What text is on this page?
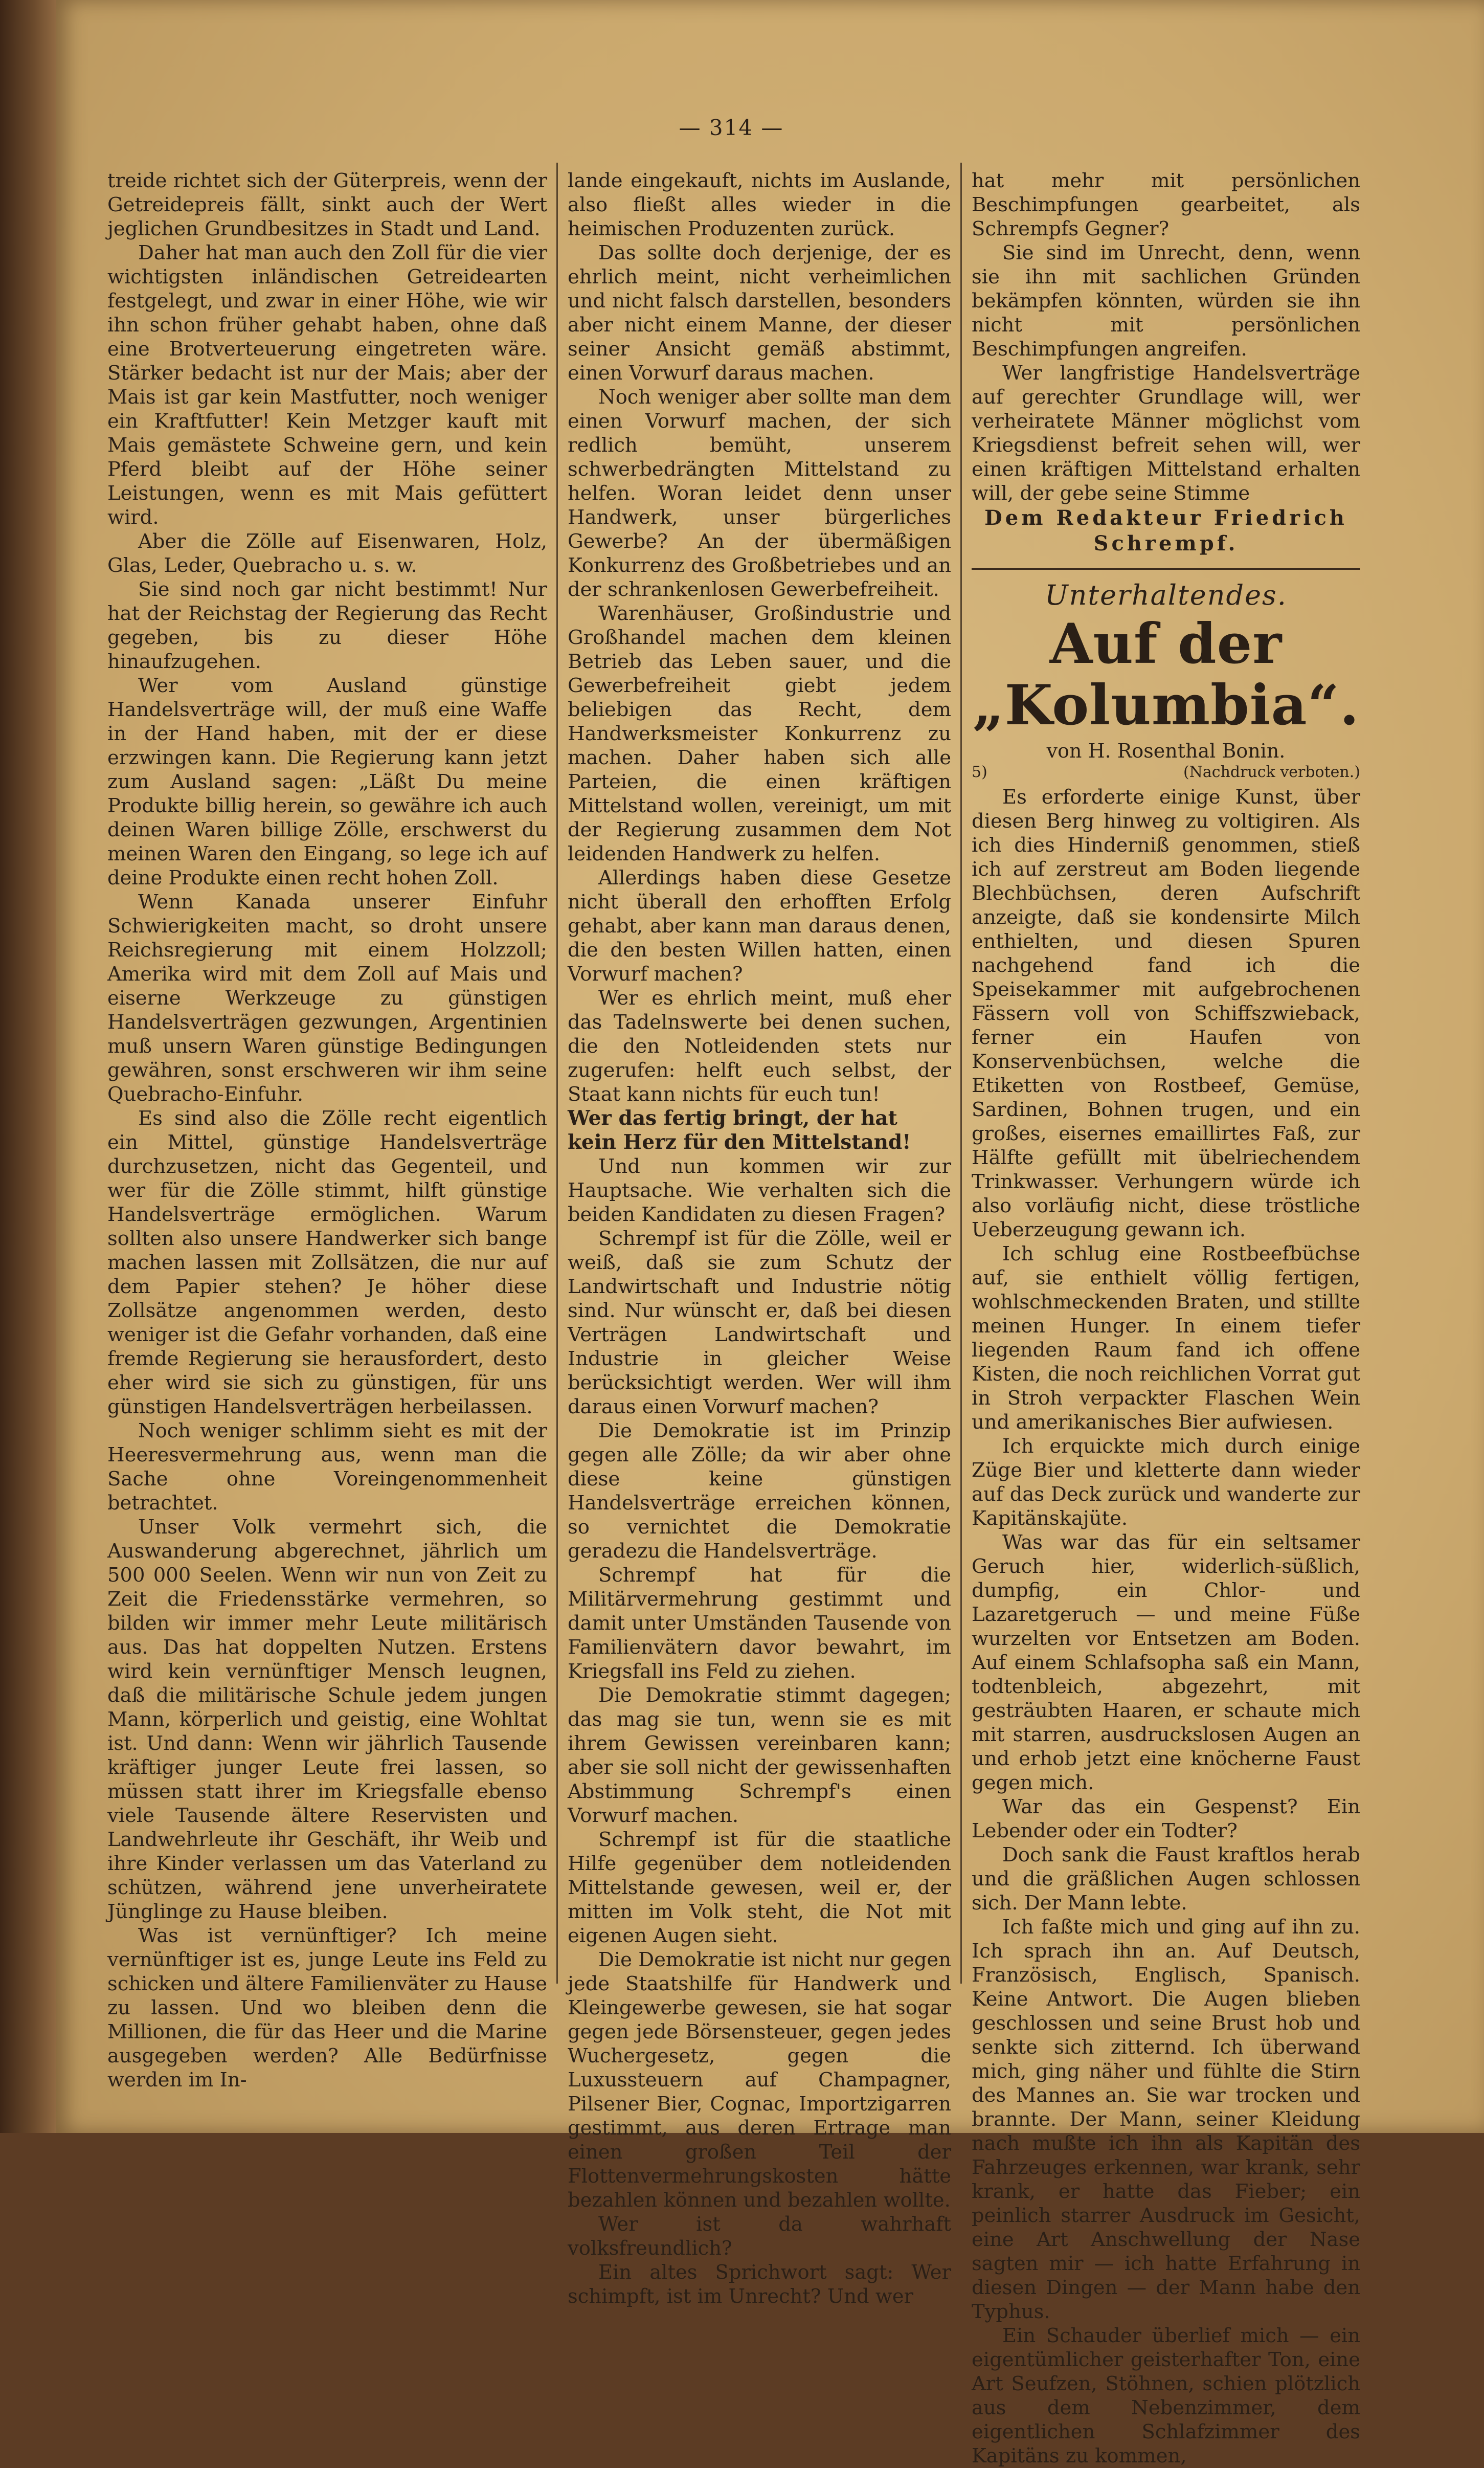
— 314 —

treide richtet sich der Güterpreis, wenn der Getreidepreis fällt, sinkt auch der Wert jeglichen Grundbesitzes in Stadt und Land.

Daher hat man auch den Zoll für die vier wichtigsten inländischen Getreidearten festgelegt, und zwar in einer Höhe, wie wir ihn schon früher gehabt haben, ohne daß eine Brotverteuerung eingetreten wäre. Stärker bedacht ist nur der Mais; aber der Mais ist gar kein Mastfutter, noch weniger ein Kraftfutter! Kein Metzger kauft mit Mais gemästete Schweine gern, und kein Pferd bleibt auf der Höhe seiner Leistungen, wenn es mit Mais gefüttert wird.

Aber die Zölle auf Eisenwaren, Holz, Glas, Leder, Quebracho u. s. w.

Sie sind noch gar nicht bestimmt! Nur hat der Reichstag der Regierung das Recht gegeben, bis zu dieser Höhe hinaufzugehen.

Wer vom Ausland günstige Handelsverträge will, der muß eine Waffe in der Hand haben, mit der er diese erzwingen kann. Die Regierung kann jetzt zum Ausland sagen: „Läßt Du meine Produkte billig herein, so gewähre ich auch deinen Waren billige Zölle, erschwerst du meinen Waren den Eingang, so lege ich auf deine Produkte einen recht hohen Zoll.

Wenn Kanada unserer Einfuhr Schwierigkeiten macht, so droht unsere Reichsregierung mit einem Holzzoll; Amerika wird mit dem Zoll auf Mais und eiserne Werkzeuge zu günstigen Handelsverträgen gezwungen, Argentinien muß unsern Waren günstige Bedingungen gewähren, sonst erschweren wir ihm seine Quebracho-Einfuhr.

Es sind also die Zölle recht eigentlich ein Mittel, günstige Handelsverträge durchzusetzen, nicht das Gegenteil, und wer für die Zölle stimmt, hilft günstige Handelsverträge ermöglichen. Warum sollten also unsere Handwerker sich bange machen lassen mit Zollsätzen, die nur auf dem Papier stehen? Je höher diese Zollsätze angenommen werden, desto weniger ist die Gefahr vorhanden, daß eine fremde Regierung sie herausfordert, desto eher wird sie sich zu günstigen, für uns günstigen Handelsverträgen herbeilassen.

Noch weniger schlimm sieht es mit der Heeresvermehrung aus, wenn man die Sache ohne Voreingenommenheit betrachtet.

Unser Volk vermehrt sich, die Auswanderung abgerechnet, jährlich um 500 000 Seelen. Wenn wir nun von Zeit zu Zeit die Friedensstärke vermehren, so bilden wir immer mehr Leute militärisch aus. Das hat doppelten Nutzen. Erstens wird kein vernünftiger Mensch leugnen, daß die militärische Schule jedem jungen Mann, körperlich und geistig, eine Wohltat ist. Und dann: Wenn wir jährlich Tausende kräftiger junger Leute frei lassen, so müssen statt ihrer im Kriegsfalle ebenso viele Tausende ältere Reservisten und Landwehrleute ihr Geschäft, ihr Weib und ihre Kinder verlassen um das Vaterland zu schützen, während jene unverheiratete Jünglinge zu Hause bleiben.

Was ist vernünftiger? Ich meine vernünftiger ist es, junge Leute ins Feld zu schicken und ältere Familienväter zu Hause zu lassen. Und wo bleiben denn die Millionen, die für das Heer und die Marine ausgegeben werden? Alle Bedürfnisse werden im In-

lande eingekauft, nichts im Auslande, also fließt alles wieder in die heimischen Produzenten zurück.

Das sollte doch derjenige, der es ehrlich meint, nicht verheimlichen und nicht falsch darstellen, besonders aber nicht einem Manne, der dieser seiner Ansicht gemäß abstimmt, einen Vorwurf daraus machen.

Noch weniger aber sollte man dem einen Vorwurf machen, der sich redlich bemüht, unserem schwerbedrängten Mittelstand zu helfen. Woran leidet denn unser Handwerk, unser bürgerliches Gewerbe? An der übermäßigen Konkurrenz des Großbetriebes und an der schrankenlosen Gewerbefreiheit.

Warenhäuser, Großindustrie und Großhandel machen dem kleinen Betrieb das Leben sauer, und die Gewerbefreiheit giebt jedem beliebigen das Recht, dem Handwerksmeister Konkurrenz zu machen. Daher haben sich alle Parteien, die einen kräftigen Mittelstand wollen, vereinigt, um mit der Regierung zusammen dem Not leidenden Handwerk zu helfen.

Allerdings haben diese Gesetze nicht überall den erhofften Erfolg gehabt, aber kann man daraus denen, die den besten Willen hatten, einen Vorwurf machen?

Wer es ehrlich meint, muß eher das Tadelnswerte bei denen suchen, die den Notleidenden stets nur zugerufen: helft euch selbst, der Staat kann nichts für euch tun!

Wer das fertig bringt, der hat kein Herz für den Mittelstand!

Und nun kommen wir zur Hauptsache. Wie verhalten sich die beiden Kandidaten zu diesen Fragen?

Schrempf ist für die Zölle, weil er weiß, daß sie zum Schutz der Landwirtschaft und Industrie nötig sind. Nur wünscht er, daß bei diesen Verträgen Landwirtschaft und Industrie in gleicher Weise berücksichtigt werden. Wer will ihm daraus einen Vorwurf machen?

Die Demokratie ist im Prinzip gegen alle Zölle; da wir aber ohne diese keine günstigen Handelsverträge erreichen können, so vernichtet die Demokratie geradezu die Handelsverträge.

Schrempf hat für die Militärvermehrung gestimmt und damit unter Umständen Tausende von Familienvätern davor bewahrt, im Kriegsfall ins Feld zu ziehen.

Die Demokratie stimmt dagegen; das mag sie tun, wenn sie es mit ihrem Gewissen vereinbaren kann; aber sie soll nicht der gewissenhaften Abstimmung Schrempf's einen Vorwurf machen.

Schrempf ist für die staatliche Hilfe gegenüber dem notleidenden Mittelstande gewesen, weil er, der mitten im Volk steht, die Not mit eigenen Augen sieht.

Die Demokratie ist nicht nur gegen jede Staatshilfe für Handwerk und Kleingewerbe gewesen, sie hat sogar gegen jede Börsensteuer, gegen jedes Wuchergesetz, gegen die Luxussteuern auf Champagner, Pilsener Bier, Cognac, Importzigarren gestimmt, aus deren Ertrage man einen großen Teil der Flottenvermehrungskosten hätte bezahlen können und bezahlen wollte.

Wer ist da wahrhaft volksfreundlich?

Ein altes Sprichwort sagt: Wer schimpft, ist im Unrecht? Und wer

hat mehr mit persönlichen Beschimpfungen gearbeitet, als Schrempfs Gegner?

Sie sind im Unrecht, denn, wenn sie ihn mit sachlichen Gründen bekämpfen könnten, würden sie ihn nicht mit persönlichen Beschimpfungen angreifen.

Wer langfristige Handelsverträge auf gerechter Grundlage will, wer verheiratete Männer möglichst vom Kriegsdienst befreit sehen will, wer einen kräftigen Mittelstand erhalten will, der gebe seine Stimme

Dem Redakteur Friedrich Schrempf.

Unterhaltendes.
Auf der „Kolumbia“.

von H. Rosenthal Bonin.

5)	(Nachdruck verboten.)

Es erforderte einige Kunst, über diesen Berg hinweg zu voltigiren. Als ich dies Hinderniß genommen, stieß ich auf zerstreut am Boden liegende Blechbüchsen, deren Aufschrift anzeigte, daß sie kondensirte Milch enthielten, und diesen Spuren nachgehend fand ich die Speisekammer mit aufgebrochenen Fässern voll von Schiffszwieback, ferner ein Haufen von Konservenbüchsen, welche die Etiketten von Rostbeef, Gemüse, Sardinen, Bohnen trugen, und ein großes, eisernes emaillirtes Faß, zur Hälfte gefüllt mit übelriechendem Trinkwasser. Verhungern würde ich also vorläufig nicht, diese tröstliche Ueberzeugung gewann ich.

Ich schlug eine Rostbeefbüchse auf, sie enthielt völlig fertigen, wohlschmeckenden Braten, und stillte meinen Hunger. In einem tiefer liegenden Raum fand ich offene Kisten, die noch reichlichen Vorrat gut in Stroh verpackter Flaschen Wein und amerikanisches Bier aufwiesen.

Ich erquickte mich durch einige Züge Bier und kletterte dann wieder auf das Deck zurück und wanderte zur Kapitänskajüte.

Was war das für ein seltsamer Geruch hier, widerlich-süßlich, dumpfig, ein Chlor- und Lazaretgeruch — und meine Füße wurzelten vor Entsetzen am Boden. Auf einem Schlafsopha saß ein Mann, todtenbleich, abgezehrt, mit gesträubten Haaren, er schaute mich mit starren, ausdruckslosen Augen an und erhob jetzt eine knöcherne Faust gegen mich.

War das ein Gespenst? Ein Lebender oder ein Todter?

Doch sank die Faust kraftlos herab und die gräßlichen Augen schlossen sich. Der Mann lebte.

Ich faßte mich und ging auf ihn zu. Ich sprach ihn an. Auf Deutsch, Französisch, Englisch, Spanisch. Keine Antwort. Die Augen blieben geschlossen und seine Brust hob und senkte sich zitternd. Ich überwand mich, ging näher und fühlte die Stirn des Mannes an. Sie war trocken und brannte. Der Mann, seiner Kleidung nach mußte ich ihn als Kapitän des Fahrzeuges erkennen, war krank, sehr krank, er hatte das Fieber; ein peinlich starrer Ausdruck im Gesicht, eine Art Anschwellung der Nase sagten mir — ich hatte Erfahrung in diesen Dingen — der Mann habe den Typhus.

Ein Schauder überlief mich — ein eigentümlicher geisterhafter Ton, eine Art Seufzen, Stöhnen, schien plötzlich aus dem Nebenzimmer, dem eigentlichen Schlafzimmer des Kapitäns zu kommen,
